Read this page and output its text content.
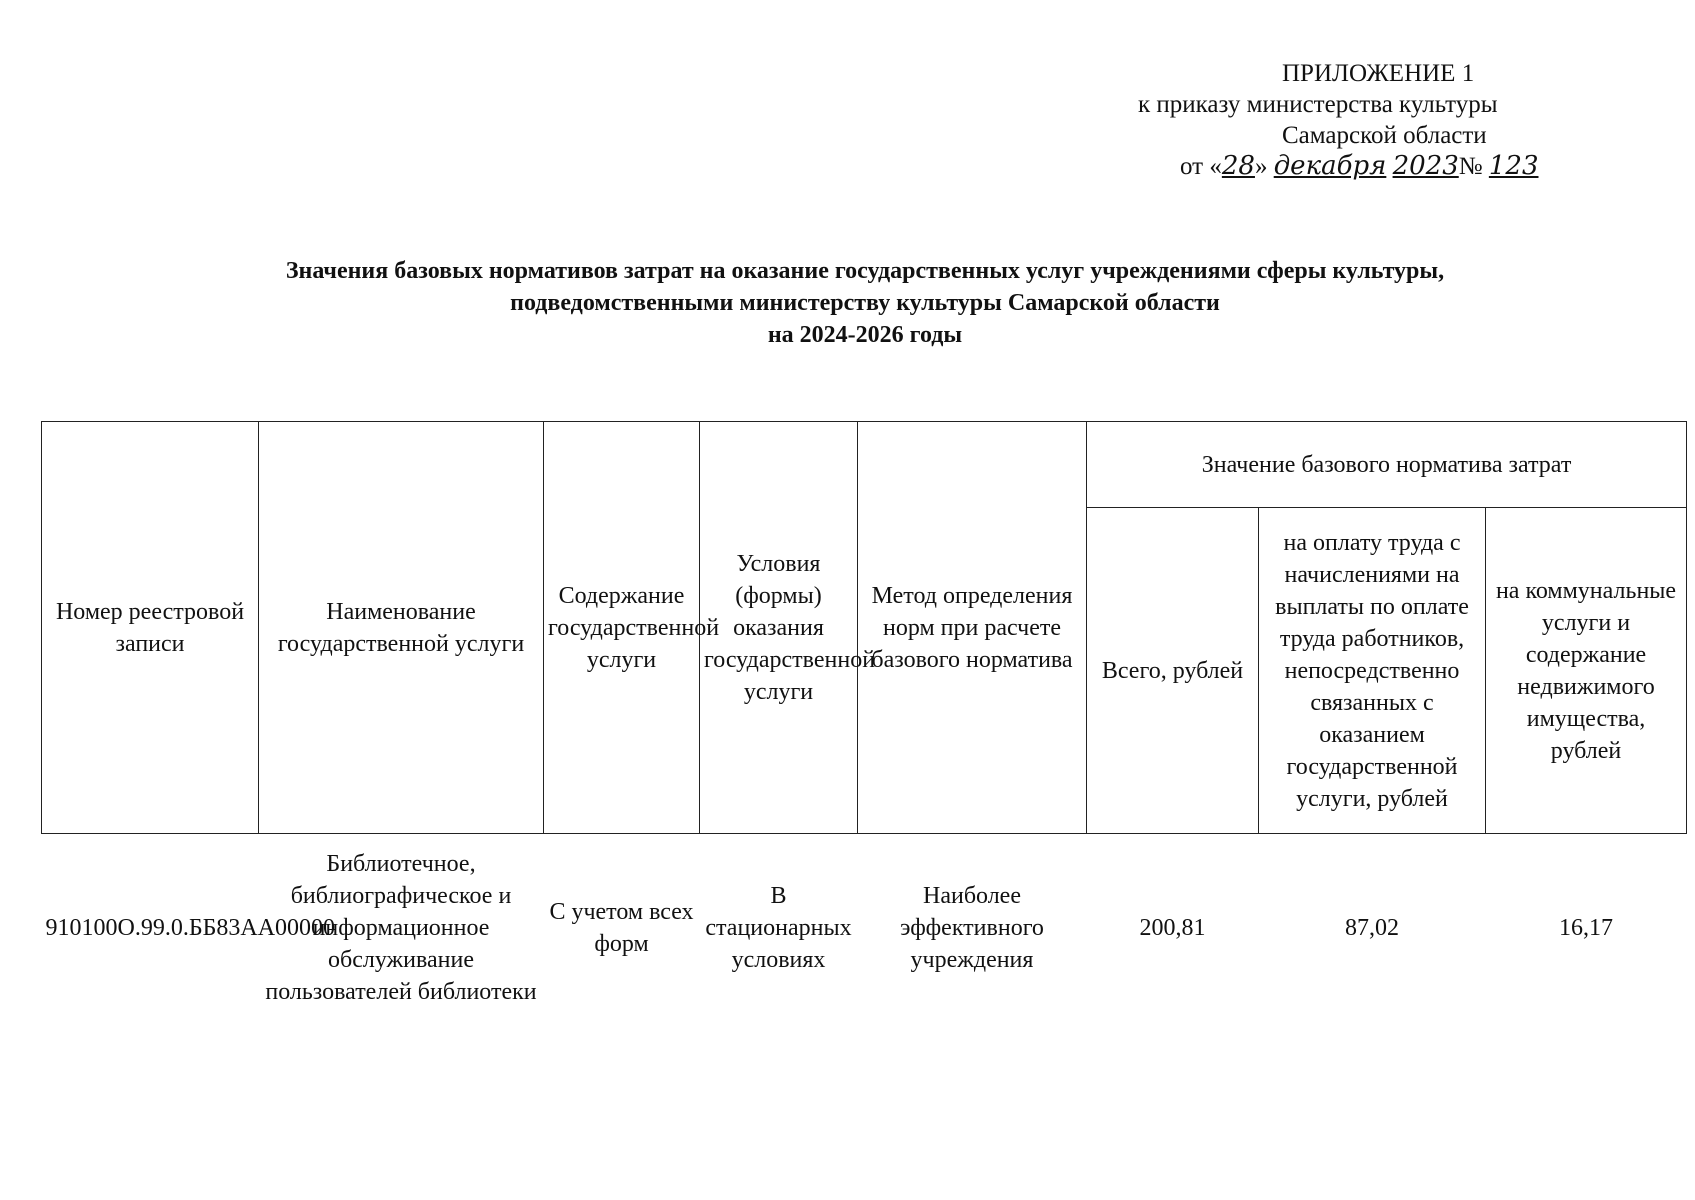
ПРИЛОЖЕНИЕ 1
к приказу министерства культуры
Самарской области
от «28» декабря 2023№ 123
Значения базовых нормативов затрат на оказание государственных услуг учреждениями сферы культуры,
подведомственными министерству культуры Самарской области
на 2024-2026 годы
Номер реестровой записи	Наименование государственной услуги	Содержание государственной услуги	Условия (формы) оказания государственной услуги	Метод определения норм при расчете базового норматива	Значение базового норматива затрат		
					Всего, рублей	на оплату труда с начислениями на выплаты по оплате труда работников, непосредственно связанных с оказанием государственной услуги, рублей	на коммунальные услуги и содержание недвижимого имущества, рублей
910100О.99.0.ББ83АА00000	Библиотечное, библиографическое и информационное обслуживание пользователей библиотеки	С учетом всех форм	В стационарных условиях	Наиболее эффективного учреждения	200,81	87,02	16,17
